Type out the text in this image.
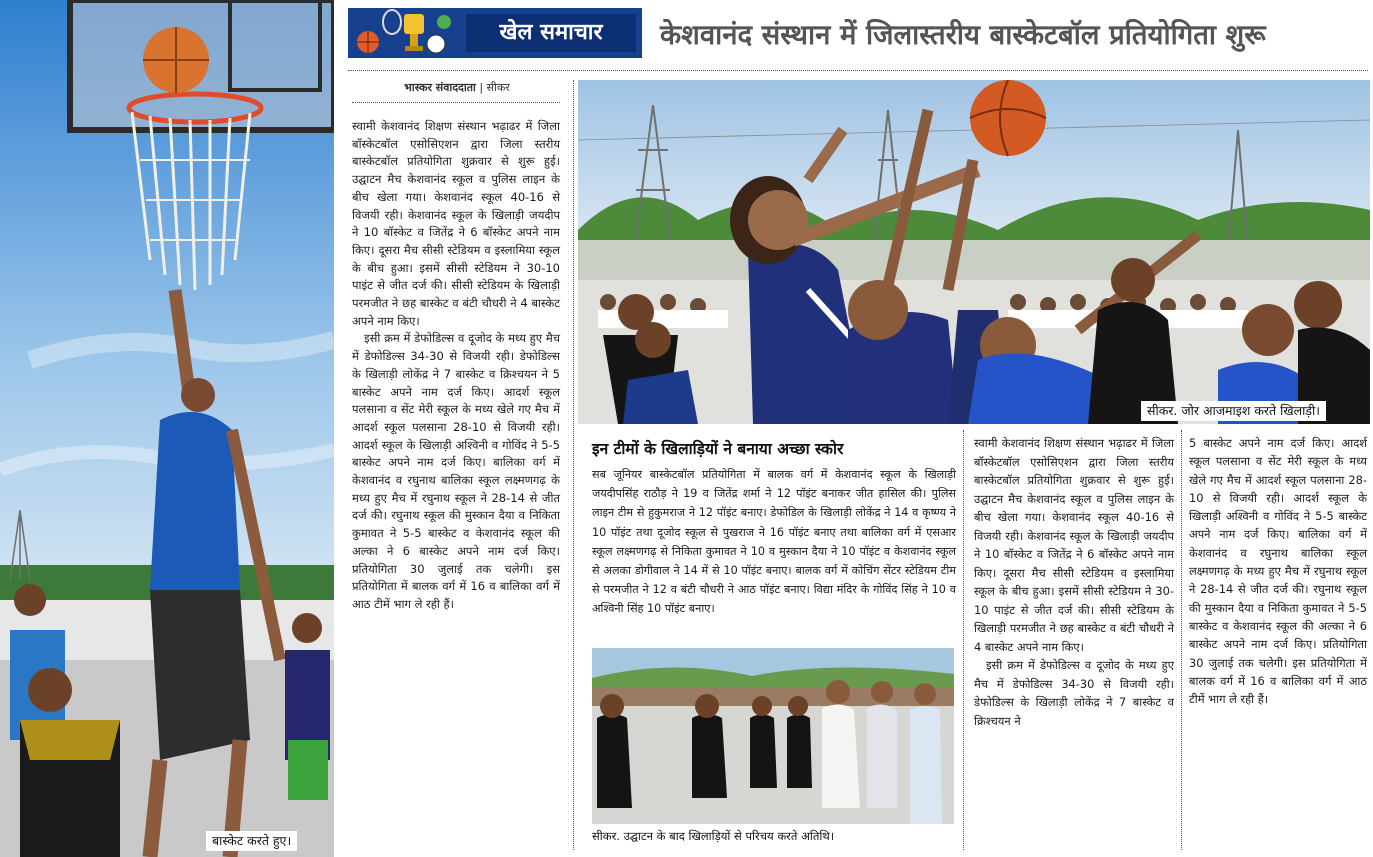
खेल समाचार	केशवानंद संस्थान में जिलास्तरीय बास्केटबॉल प्रतियोगिता शुरू
बास्केट करते हुए।
सीकर. जोर आजमाइश करते खिलाड़ी।
भास्कर संवाददाता | सीकर

स्वामी केशवानंद शिक्षण संस्थान भढ़ाढर में जिला बॉस्केटबॉल एसोसिएशन द्वारा जिला स्तरीय बास्केटबॉल प्रतियोगिता शुक्रवार से शुरू हुई। उद्घाटन मैच केशवानंद स्कूल व पुलिस लाइन के बीच खेला गया। केशवानंद स्कूल 40-16 से विजयी रही। केशवानंद स्कूल के खिलाड़ी जयदीप ने 10 बॉस्केट व जितेंद्र ने 6 बॉस्केट अपने नाम किए। दूसरा मैच सीसी स्टेडियम व इस्लामिया स्कूल के बीच हुआ। इसमें सीसी स्टेडियम ने 30-10 पाइंट से जीत दर्ज की। सीसी स्टेडियम के खिलाड़ी परमजीत ने छह बास्केट व बंटी चौधरी ने 4 बास्केट अपने नाम किए।

इसी क्रम में डेफोडिल्स व दूजोद के मध्य हुए मैच में डेफोडिल्स 34-30 से विजयी रही। डेफोडिल्स के खिलाड़ी लोकेंद्र ने 7 बास्केट व क्रिश्चयन ने 5 बास्केट अपने नाम दर्ज किए। आदर्श स्कूल पलसाना व सेंट मेरी स्कूल के मध्य खेले गए मैच में आदर्श स्कूल पलसाना 28-10 से विजयी रही। आदर्श स्कूल के खिलाड़ी अश्विनी व गोविंद ने 5-5 बास्केट अपने नाम दर्ज किए। बालिका वर्ग में केशवानंद व रघुनाथ बालिका स्कूल लक्ष्मणगढ़ के मध्य हुए मैच में रघुनाथ स्कूल ने 28-14 से जीत दर्ज की। रघुनाथ स्कूल की मुस्कान दैया व निकिता कुमावत ने 5-5 बास्केट व केशवानंद स्कूल की अल्का ने 6 बास्केट अपने नाम दर्ज किए। प्रतियोगिता 30 जुलाई तक चलेगी। इस प्रतियोगिता में बालक वर्ग में 16 व बालिका वर्ग में आठ टीमें भाग ले रही हैं।

इन टीमों के खिलाड़ियों ने बनाया अच्छा स्कोर

सब जूनियर बास्केटबॉल प्रतियोगिता में बालक वर्ग में केशवानंद स्कूल के खिलाड़ी जयदीपसिंह राठौड़ ने 19 व जितेंद्र शर्मा ने 12 पॉइंट बनाकर जीत हासिल की। पुलिस लाइन टीम से हुकुमराज ने 12 पॉइंट बनाए। डेफोडिल के खिलाड़ी लोकेंद्र ने 14 व कृष्ण्य ने 10 पॉइंट तथा दूजोद स्कूल से पुखराज ने 16 पॉइंट बनाए तथा बालिका वर्ग में एसआर स्कूल लक्ष्मणगढ़ से निकिता कुमावत ने 10 व मुस्कान दैया ने 10 पॉइंट व केशवानंद स्कूल से अलका डोगीवाल ने 14 में से 10 पॉइंट बनाए। बालक वर्ग में कोचिंग सेंटर स्टेडियम टीम से परमजीत ने 12 व बंटी चौधरी ने आठ पॉइंट बनाए। विद्या मंदिर के गोविंद सिंह ने 10 व अश्विनी सिंह 10 पॉइंट बनाए।

सीकर. उद्घाटन के बाद खिलाड़ियों से परिचय करते अतिथि।

स्वामी केशवानंद शिक्षण संस्थान भढ़ाढर में जिला बॉस्केटबॉल एसोसिएशन द्वारा जिला स्तरीय बास्केटबॉल प्रतियोगिता शुक्रवार से शुरू हुई। उद्घाटन मैच केशवानंद स्कूल व पुलिस लाइन के बीच खेला गया। केशवानंद स्कूल 40-16 से विजयी रही। केशवानंद स्कूल के खिलाड़ी जयदीप ने 10 बॉस्केट व जितेंद्र ने 6 बॉस्केट अपने नाम किए। दूसरा मैच सीसी स्टेडियम व इस्लामिया स्कूल के बीच हुआ। इसमें सीसी स्टेडियम ने 30-10 पाइंट से जीत दर्ज की। सीसी स्टेडियम के खिलाड़ी परमजीत ने छह बास्केट व बंटी चौधरी ने 4 बास्केट अपने नाम किए।

इसी क्रम में डेफोडिल्स व दूजोद के मध्य हुए मैच में डेफोडिल्स 34-30 से विजयी रही। डेफोडिल्स के खिलाड़ी लोकेंद्र ने 7 बास्केट व क्रिश्चयन ने

5 बास्केट अपने नाम दर्ज किए। आदर्श स्कूल पलसाना व सेंट मेरी स्कूल के मध्य खेले गए मैच में आदर्श स्कूल पलसाना 28-10 से विजयी रही। आदर्श स्कूल के खिलाड़ी अश्विनी व गोविंद ने 5-5 बास्केट अपने नाम दर्ज किए। बालिका वर्ग में केशवानंद व रघुनाथ बालिका स्कूल लक्ष्मणगढ़ के मध्य हुए मैच में रघुनाथ स्कूल ने 28-14 से जीत दर्ज की। रघुनाथ स्कूल की मुस्कान दैया व निकिता कुमावत ने 5-5 बास्केट व केशवानंद स्कूल की अल्का ने 6 बास्केट अपने नाम दर्ज किए। प्रतियोगिता 30 जुलाई तक चलेगी। इस प्रतियोगिता में बालक वर्ग में 16 व बालिका वर्ग में आठ टीमें भाग ले रही हैं।
